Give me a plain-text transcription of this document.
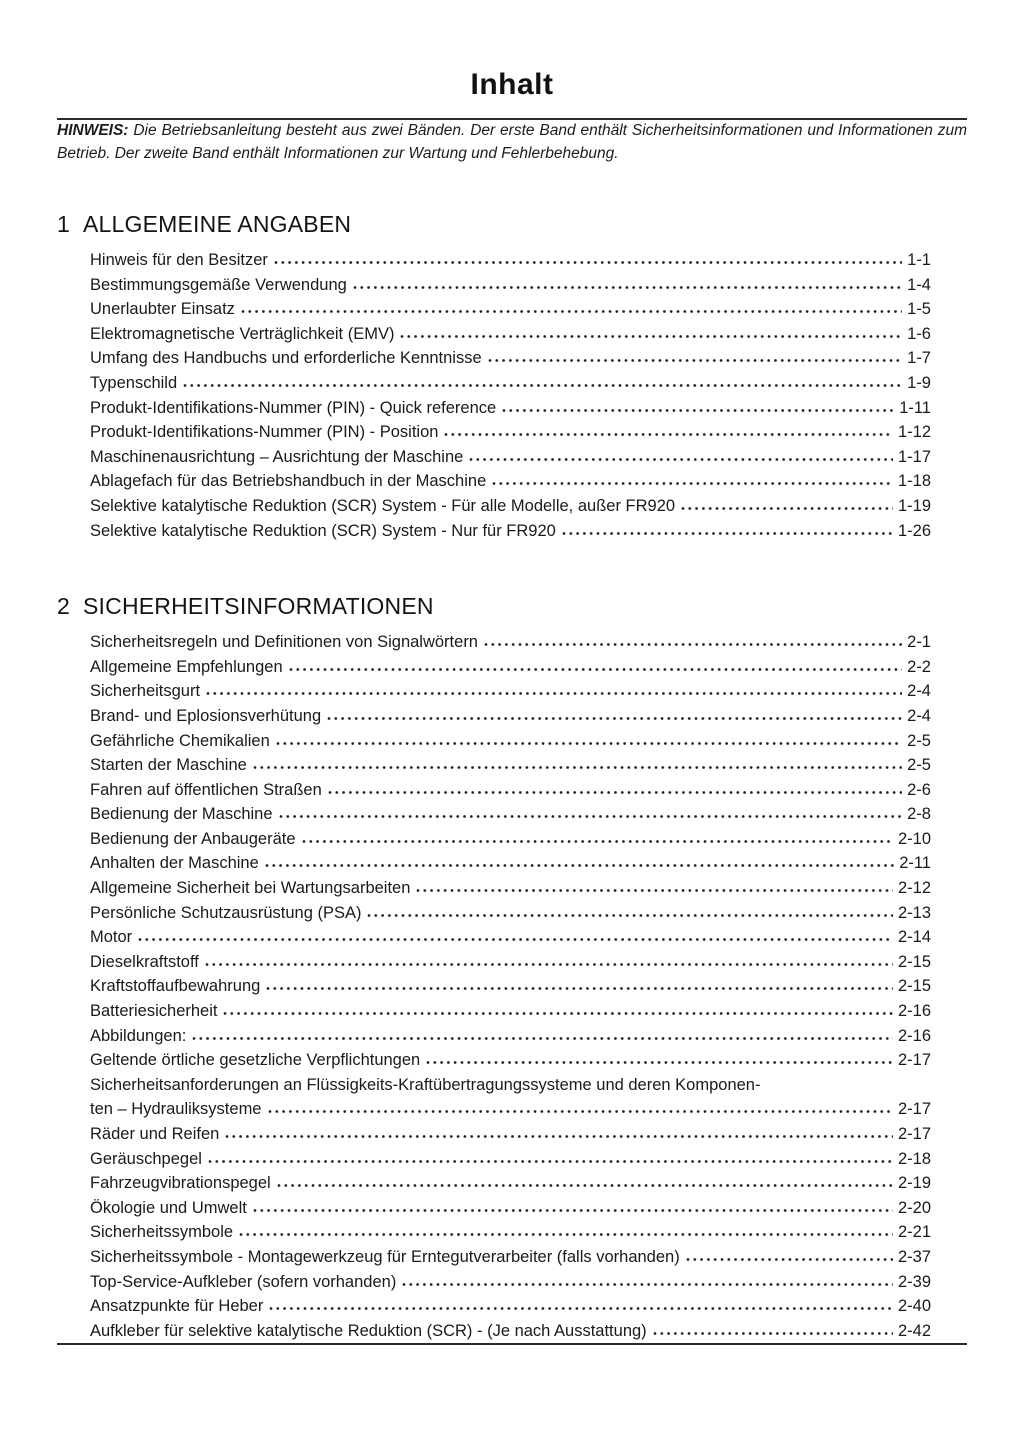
Inhalt

HINWEIS: Die Betriebsanleitung besteht aus zwei Bänden. Der erste Band enthält Sicherheitsinformationen und Informationen zum Betrieb. Der zweite Band enthält Informationen zur Wartung und Fehlerbehebung.

1 ALLGEMEINE ANGABEN
Hinweis für den Besitzer	1-1
Bestimmungsgemäße Verwendung	1-4
Unerlaubter Einsatz	1-5
Elektromagnetische Verträglichkeit (EMV)	1-6
Umfang des Handbuchs und erforderliche Kenntnisse	1-7
Typenschild	1-9
Produkt-Identifikations-Nummer (PIN) - Quick reference	1-11
Produkt-Identifikations-Nummer (PIN) - Position	1-12
Maschinenausrichtung – Ausrichtung der Maschine	1-17
Ablagefach für das Betriebshandbuch in der Maschine	1-18
Selektive katalytische Reduktion (SCR) System - Für alle Modelle, außer FR920	1-19
Selektive katalytische Reduktion (SCR) System - Nur für FR920	1-26
2 SICHERHEITSINFORMATIONEN
Sicherheitsregeln und Definitionen von Signalwörtern	2-1
Allgemeine Empfehlungen	2-2
Sicherheitsgurt	2-4
Brand- und Eplosionsverhütung	2-4
Gefährliche Chemikalien	2-5
Starten der Maschine	2-5
Fahren auf öffentlichen Straßen	2-6
Bedienung der Maschine	2-8
Bedienung der Anbaugeräte	2-10
Anhalten der Maschine	2-11
Allgemeine Sicherheit bei Wartungsarbeiten	2-12
Persönliche Schutzausrüstung (PSA)	2-13
Motor	2-14
Dieselkraftstoff	2-15
Kraftstoffaufbewahrung	2-15
Batteriesicherheit	2-16
Abbildungen:	2-16
Geltende örtliche gesetzliche Verpflichtungen	2-17
Sicherheitsanforderungen an Flüssigkeits-Kraftübertragungssysteme und deren Komponen-
ten – Hydrauliksysteme	2-17
Räder und Reifen	2-17
Geräuschpegel	2-18
Fahrzeugvibrationspegel	2-19
Ökologie und Umwelt	2-20
Sicherheitssymbole	2-21
Sicherheitssymbole - Montagewerkzeug für Erntegutverarbeiter (falls vorhanden)	2-37
Top-Service-Aufkleber (sofern vorhanden)	2-39
Ansatzpunkte für Heber	2-40
Aufkleber für selektive katalytische Reduktion (SCR) - (Je nach Ausstattung)	2-42
